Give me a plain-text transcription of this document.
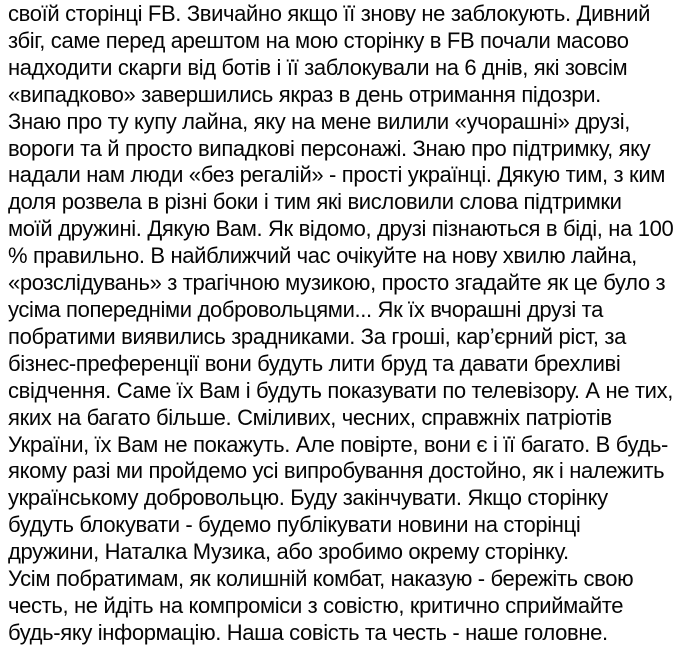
своїй сторінці FB. Звичайно якщо її знову не заблокують. Дивний
збіг, саме перед арештом на мою сторінку в FB почали масово
надходити скарги від ботів і її заблокували на 6 днів, які зовсім
«випадково» завершились якраз в день отримання підозри.
Знаю про ту купу лайна, яку на мене вилили «учорашні» друзі,
вороги та й просто випадкові персонажі. Знаю про підтримку, яку
надали нам люди «без регалій» - прості українці. Дякую тим, з ким
доля розвела в різні боки і тим які висловили слова підтримки
моїй дружині. Дякую Вам. Як відомо, друзі пізнаються в біді, на 100
% правильно. В найближчий час очікуйте на нову хвилю лайна,
«розслідувань» з трагічною музикою, просто згадайте як це було з
усіма попередніми добровольцями... Як їх вчорашні друзі та
побратими виявились зрадниками. За гроші, кар’єрний ріст, за
бізнес-преференції вони будуть лити бруд та давати брехливі
свідчення. Саме їх Вам і будуть показувати по телевізору. А не тих,
яких на багато більше. Сміливих, чесних, справжніх патріотів
України, їх Вам не покажуть. Але повірте, вони є і її багато. В будь-
якому разі ми пройдемо усі випробування достойно, як і належить
українському добровольцю. Буду закінчувати. Якщо сторінку
будуть блокувати - будемо публікувати новини на сторінці
дружини, Наталка Музика, або зробимо окрему сторінку.
Усім побратимам, як колишній комбат, наказую - бережіть свою
честь, не йдіть на компроміси з совістю, критично сприймайте
будь-яку інформацію. Наша совість та честь - наше головне.
